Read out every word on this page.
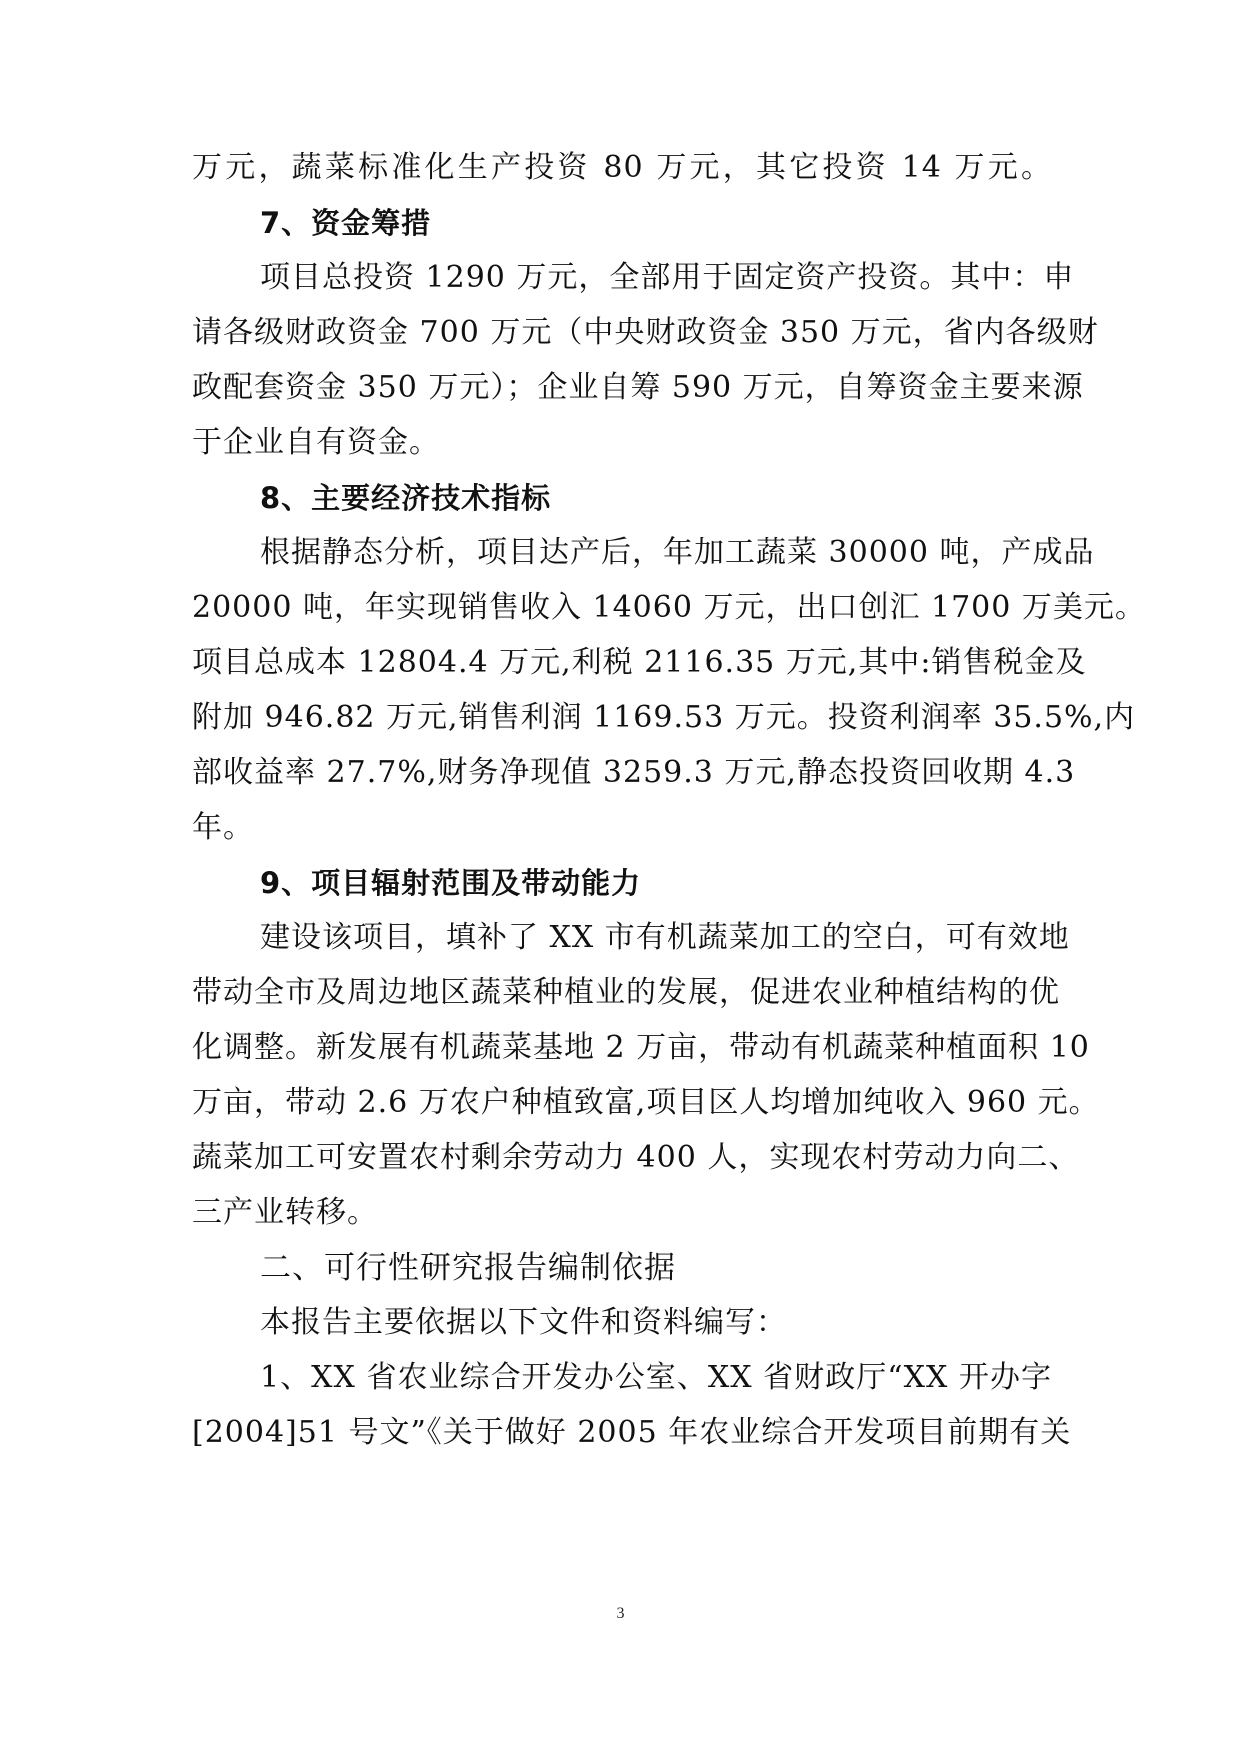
万元，蔬菜标准化生产投资 80 万元，其它投资 14 万元。

7、资金筹措

项目总投资 1290 万元，全部用于固定资产投资。其中：申

请各级财政资金 700 万元（中央财政资金 350 万元，省内各级财

政配套资金 350 万元）；企业自筹 590 万元，自筹资金主要来源

于企业自有资金。

8、主要经济技术指标

根据静态分析，项目达产后，年加工蔬菜 30000 吨，产成品

20000 吨，年实现销售收入 14060 万元，出口创汇 1700 万美元。

项目总成本 12804.4 万元,利税 2116.35 万元,其中:销售税金及

附加 946.82 万元,销售利润 1169.53 万元。投资利润率 35.5%,内

部收益率 27.7%,财务净现值 3259.3 万元,静态投资回收期 4.3

年。

9、项目辐射范围及带动能力

建设该项目，填补了 XX 市有机蔬菜加工的空白，可有效地

带动全市及周边地区蔬菜种植业的发展，促进农业种植结构的优

化调整。新发展有机蔬菜基地 2 万亩，带动有机蔬菜种植面积 10

万亩，带动 2.6 万农户种植致富,项目区人均增加纯收入 960 元。

蔬菜加工可安置农村剩余劳动力 400 人，实现农村劳动力向二、

三产业转移。

二、可行性研究报告编制依据

本报告主要依据以下文件和资料编写：

1、XX 省农业综合开发办公室、XX 省财政厅“XX 开办字

[2004]51 号文”《关于做好 2005 年农业综合开发项目前期有关

3
